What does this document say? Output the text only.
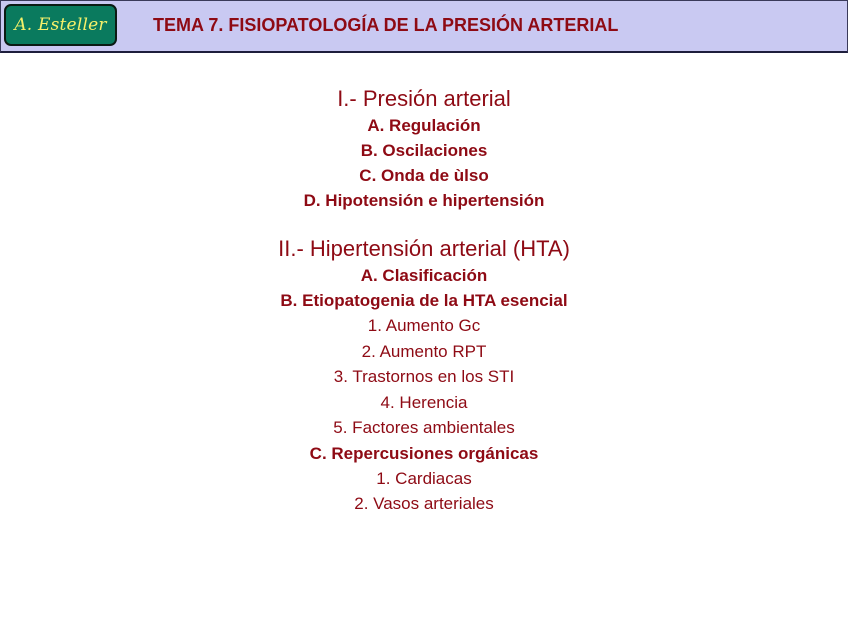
A. Esteller	TEMA 7. FISIOPATOLOGÍA DE LA PRESIÓN ARTERIAL

I.- Presión arterial

A. Regulación

B. Oscilaciones

C. Onda de ùlso

D. Hipotensión e hipertensión

II.- Hipertensión arterial (HTA)

A. Clasificación

B. Etiopatogenia de la HTA esencial

1. Aumento Gc

2. Aumento RPT

3. Trastornos en los STI

4. Herencia

5. Factores ambientales

C. Repercusiones orgánicas

1. Cardiacas

2. Vasos arteriales
